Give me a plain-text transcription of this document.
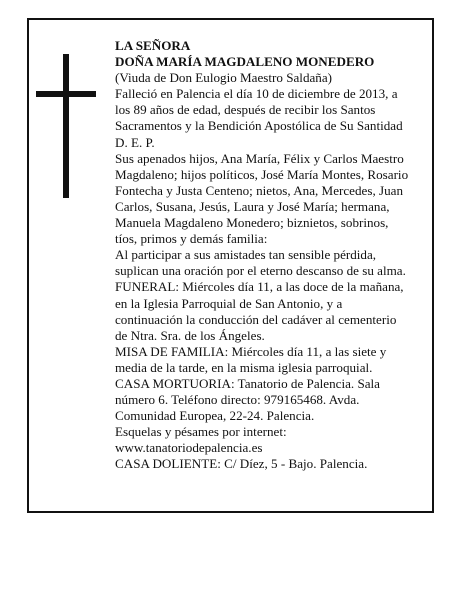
LA SEÑORA

DOÑA MARÍA MAGDALENO MONEDERO

(Viuda de Don Eulogio Maestro Saldaña)

Falleció en Palencia el día 10 de diciembre de 2013, a
los 89 años de edad, después de recibir los Santos
Sacramentos y la Bendición Apostólica de Su Santidad
D. E. P.

Sus apenados hijos, Ana María, Félix y Carlos Maestro
Magdaleno; hijos políticos, José María Montes, Rosario
Fontecha y Justa Centeno; nietos, Ana, Mercedes, Juan
Carlos, Susana, Jesús, Laura y José María; hermana,
Manuela Magdaleno Monedero; biznietos, sobrinos,
tíos, primos y demás familia:

Al participar a sus amistades tan sensible pérdida,
suplican una oración por el eterno descanso de su alma.

FUNERAL: Miércoles día 11, a las doce de la mañana,
en la Iglesia Parroquial de San Antonio, y a
continuación la conducción del cadáver al cementerio
de Ntra. Sra. de los Ángeles.

MISA DE FAMILIA: Miércoles día 11, a las siete y
media de la tarde, en la misma iglesia parroquial.

CASA MORTUORIA: Tanatorio de Palencia. Sala
número 6. Teléfono directo: 979165468. Avda.
Comunidad Europea, 22-24. Palencia.

Esquelas y pésames por internet:
www.tanatoriodepalencia.es

CASA DOLIENTE: C/ Díez, 5 - Bajo. Palencia.
